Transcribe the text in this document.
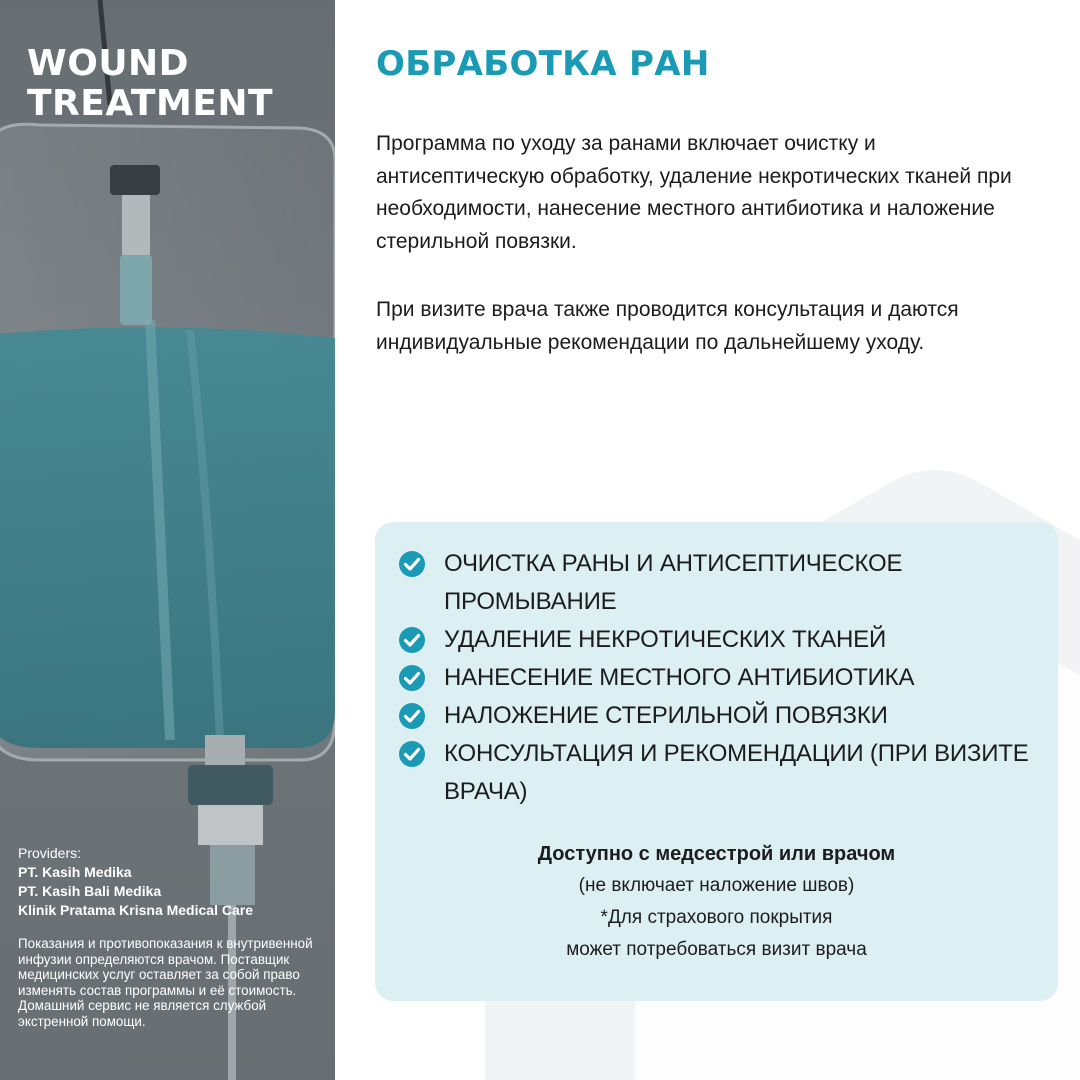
WOUND
TREATMENT
Providers:
PT. Kasih Medika
PT. Kasih Bali Medika
Klinik Pratama Krisna Medical Care
Показания и противопоказания к внутривенной инфузии определяются врачом. Поставщик медицинских услуг оставляет за собой право изменять состав программы и её стоимость. Домашний сервис не является службой экстренной помощи.
ОБРАБОТКА РАН
Программа по уходу за ранами включает очистку и антисептическую обработку, удаление некротических тканей при необходимости, нанесение местного антибиотика и наложение стерильной повязки.
При визите врача также проводится консультация и даются индивидуальные рекомендации по дальнейшему уходу.
ОЧИСТКА РАНЫ И АНТИСЕПТИЧЕСКОЕ ПРОМЫВАНИЕ
УДАЛЕНИЕ НЕКРОТИЧЕСКИХ ТКАНЕЙ
НАНЕСЕНИЕ МЕСТНОГО АНТИБИОТИКА
НАЛОЖЕНИЕ СТЕРИЛЬНОЙ ПОВЯЗКИ
КОНСУЛЬТАЦИЯ И РЕКОМЕНДАЦИИ (ПРИ ВИЗИТЕ ВРАЧА)
Доступно с медсестрой или врачом
(не включает наложение швов)
*Для страхового покрытия
может потребоваться визит врача
